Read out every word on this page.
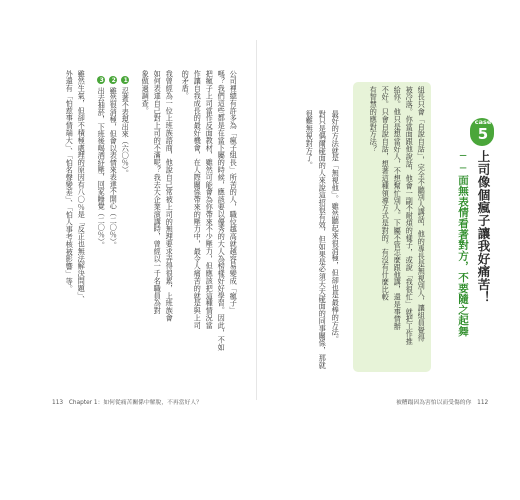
case
5
上司像個瘋子讓我好痛苦！
──面無表情看著對方，不要隨之起舞
組長只會「自說自話」，完全不聽別人講話，他的專長是無視別人，讓組員覺得
被冷落。你當面跟他說話，他會一副不耐煩的樣子，或說「我很忙」就把工作推
給你。他只是想當好人，不想幫忙別人。下屬不管怎麼跟他講，還是事情辦
不好。只會自說自話，想著這種領導方式是對的。有沒有什麼比較
有智慧的應對方法？
最好的方法就是「無視他」。雖然聽起來很消極，但卻也是最棒的方法。
對只是偶爾碰面的人來說這招很有效，但如果是必須天天碰面的同事關係，那就
很難無視對方了。
被糟蹋因為害怕以而受傷的你　112
公司裡總有許多為「瘋子組長」所苦的人，職位越高就越容易變成「瘋子」
嗎？我們這些都是在當下屬的時候，應該要以優秀的大人為榜樣好好學習。因此，不如
把瘋子上司當作反面教材，雖然可能會為你帶來不少壓力，但應該把這種情況當
作讓自我成長的最好機會，在人際關係帶來的壓力中，最令人痛苦的就是與上司
的矛盾。
我曾經為一位上班族諮商，他說自己常被上司的無理要求弄得很累，上班族會
如何表達自己對上司的不滿呢？我去大企業演講時，曾經以一千名職員為對
象做過調查。
1忍著不表現出來（六〇％）。
2雖然很消極，但會以表情來表達不開心（二〇％）。
3出去抽菸，下班後喝酒紓壓，回家睡覺（二〇％）。
雖然生氣，但卻不積極處理的原因有八〇％是「反正也無法解決問題」、
外還有「怕惹事情端大」、「怕名聲變差」、「怕人事考核被影響」等。
113　Chapter 1：如何從痛苦關係中解脫，不再當好人？
